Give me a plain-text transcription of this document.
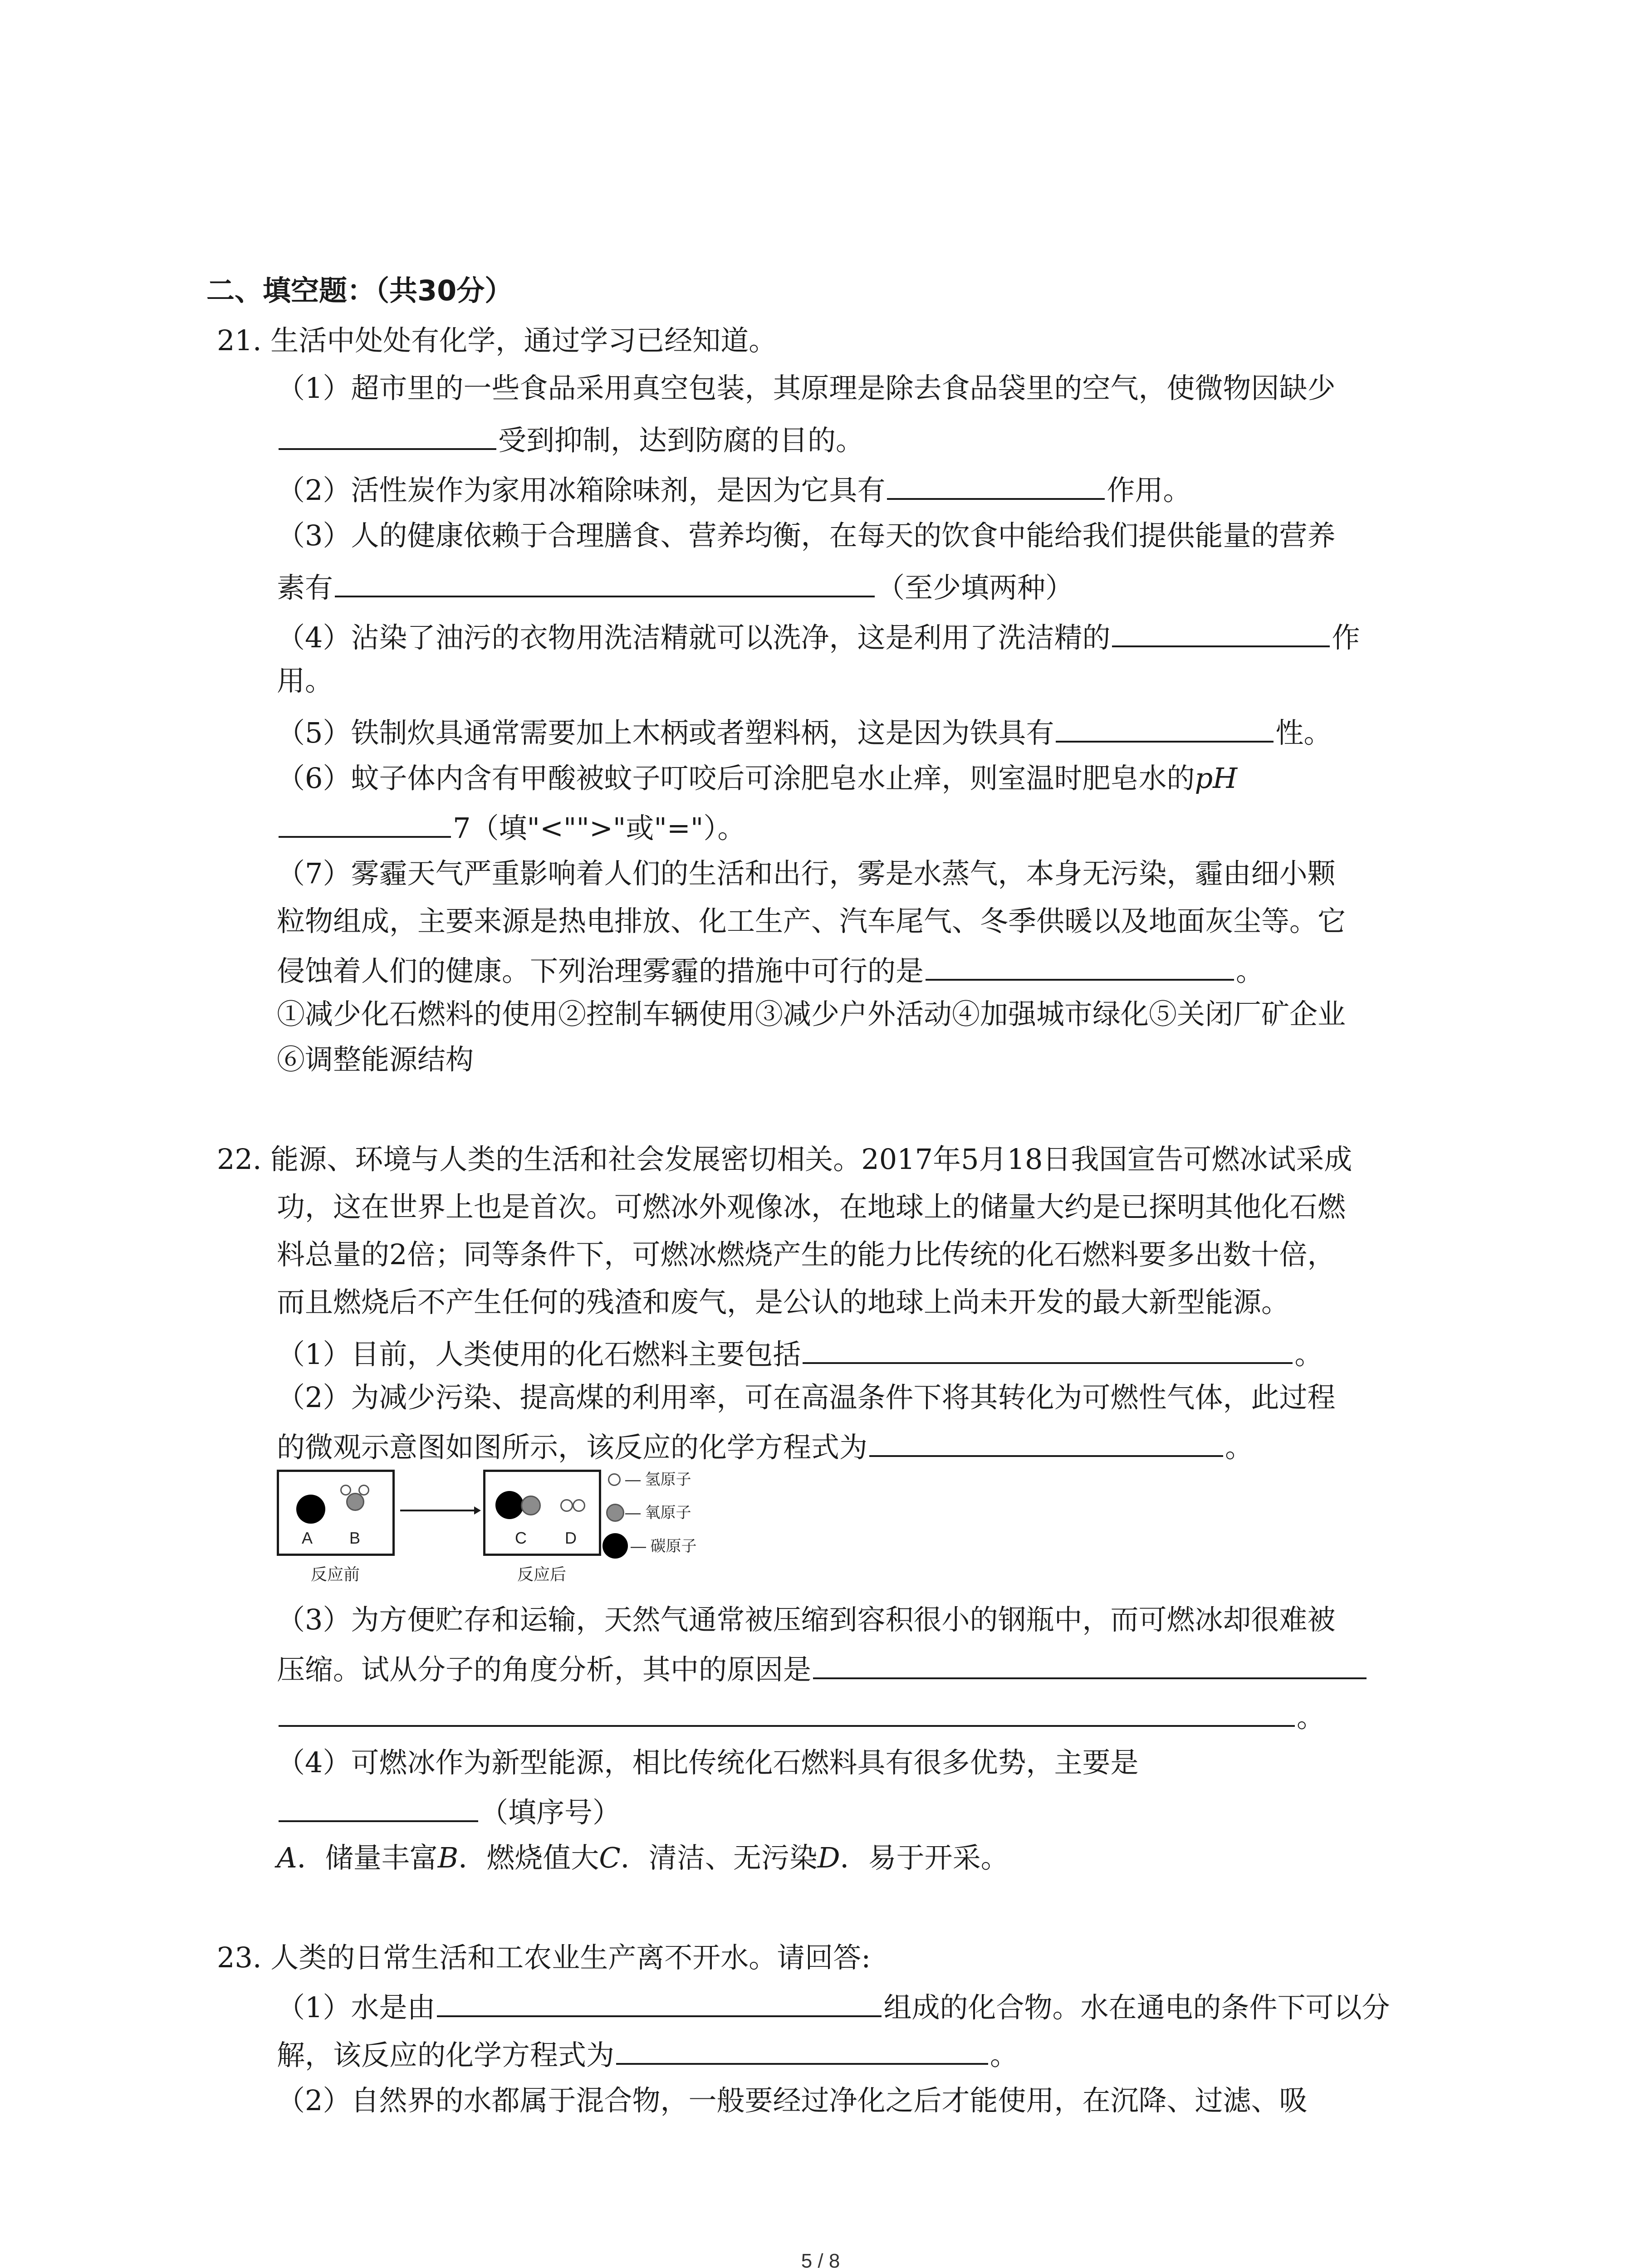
二、填空题：（共30分）
21. 生活中处处有化学，通过学习已经知道。
（1）超市里的一些食品采用真空包装，其原理是除去食品袋里的空气，使微物因缺少
受到抑制，达到防腐的目的。
（2）活性炭作为家用冰箱除味剂，是因为它具有	作用。
（3）人的健康依赖于合理膳食、营养均衡，在每天的饮食中能给我们提供能量的营养
素有	（至少填两种）
（4）沾染了油污的衣物用洗洁精就可以洗净，这是利用了洗洁精的	作
用。
（5）铁制炊具通常需要加上木柄或者塑料柄，这是因为铁具有	性。
（6）蚊子体内含有甲酸被蚊子叮咬后可涂肥皂水止痒，则室温时肥皂水的pH
7（填"<"">"或"="）。
（7）雾霾天气严重影响着人们的生活和出行，雾是水蒸气，本身无污染，霾由细小颗
粒物组成，主要来源是热电排放、化工生产、汽车尾气、冬季供暖以及地面灰尘等。它
侵蚀着人们的健康。下列治理雾霾的措施中可行的是	。
①减少化石燃料的使用②控制车辆使用③减少户外活动④加强城市绿化⑤关闭厂矿企业
⑥调整能源结构
22. 能源、环境与人类的生活和社会发展密切相关。2017年5月18日我国宣告可燃冰试采成
功，这在世界上也是首次。可燃冰外观像冰，在地球上的储量大约是已探明其他化石燃
料总量的2倍；同等条件下，可燃冰燃烧产生的能力比传统的化石燃料要多出数十倍，
而且燃烧后不产生任何的残渣和废气，是公认的地球上尚未开发的最大新型能源。
（1）目前，人类使用的化石燃料主要包括	。
（2）为减少污染、提高煤的利用率，可在高温条件下将其转化为可燃性气体，此过程
的微观示意图如图所示，该反应的化学方程式为	。
A B	C D
反应前	反应后
— 氢原子
— 氧原子
— 碳原子
（3）为方便贮存和运输，天然气通常被压缩到容积很小的钢瓶中，而可燃冰却很难被
压缩。试从分子的角度分析，其中的原因是
。
（4）可燃冰作为新型能源，相比传统化石燃料具有很多优势，主要是
（填序号）
A．储量丰富B．燃烧值大C．清洁、无污染D．易于开采。
23. 人类的日常生活和工农业生产离不开水。请回答:
（1）水是由	组成的化合物。水在通电的条件下可以分
解，该反应的化学方程式为	。
（2）自然界的水都属于混合物，一般要经过净化之后才能使用，在沉降、过滤、吸
5 / 8
